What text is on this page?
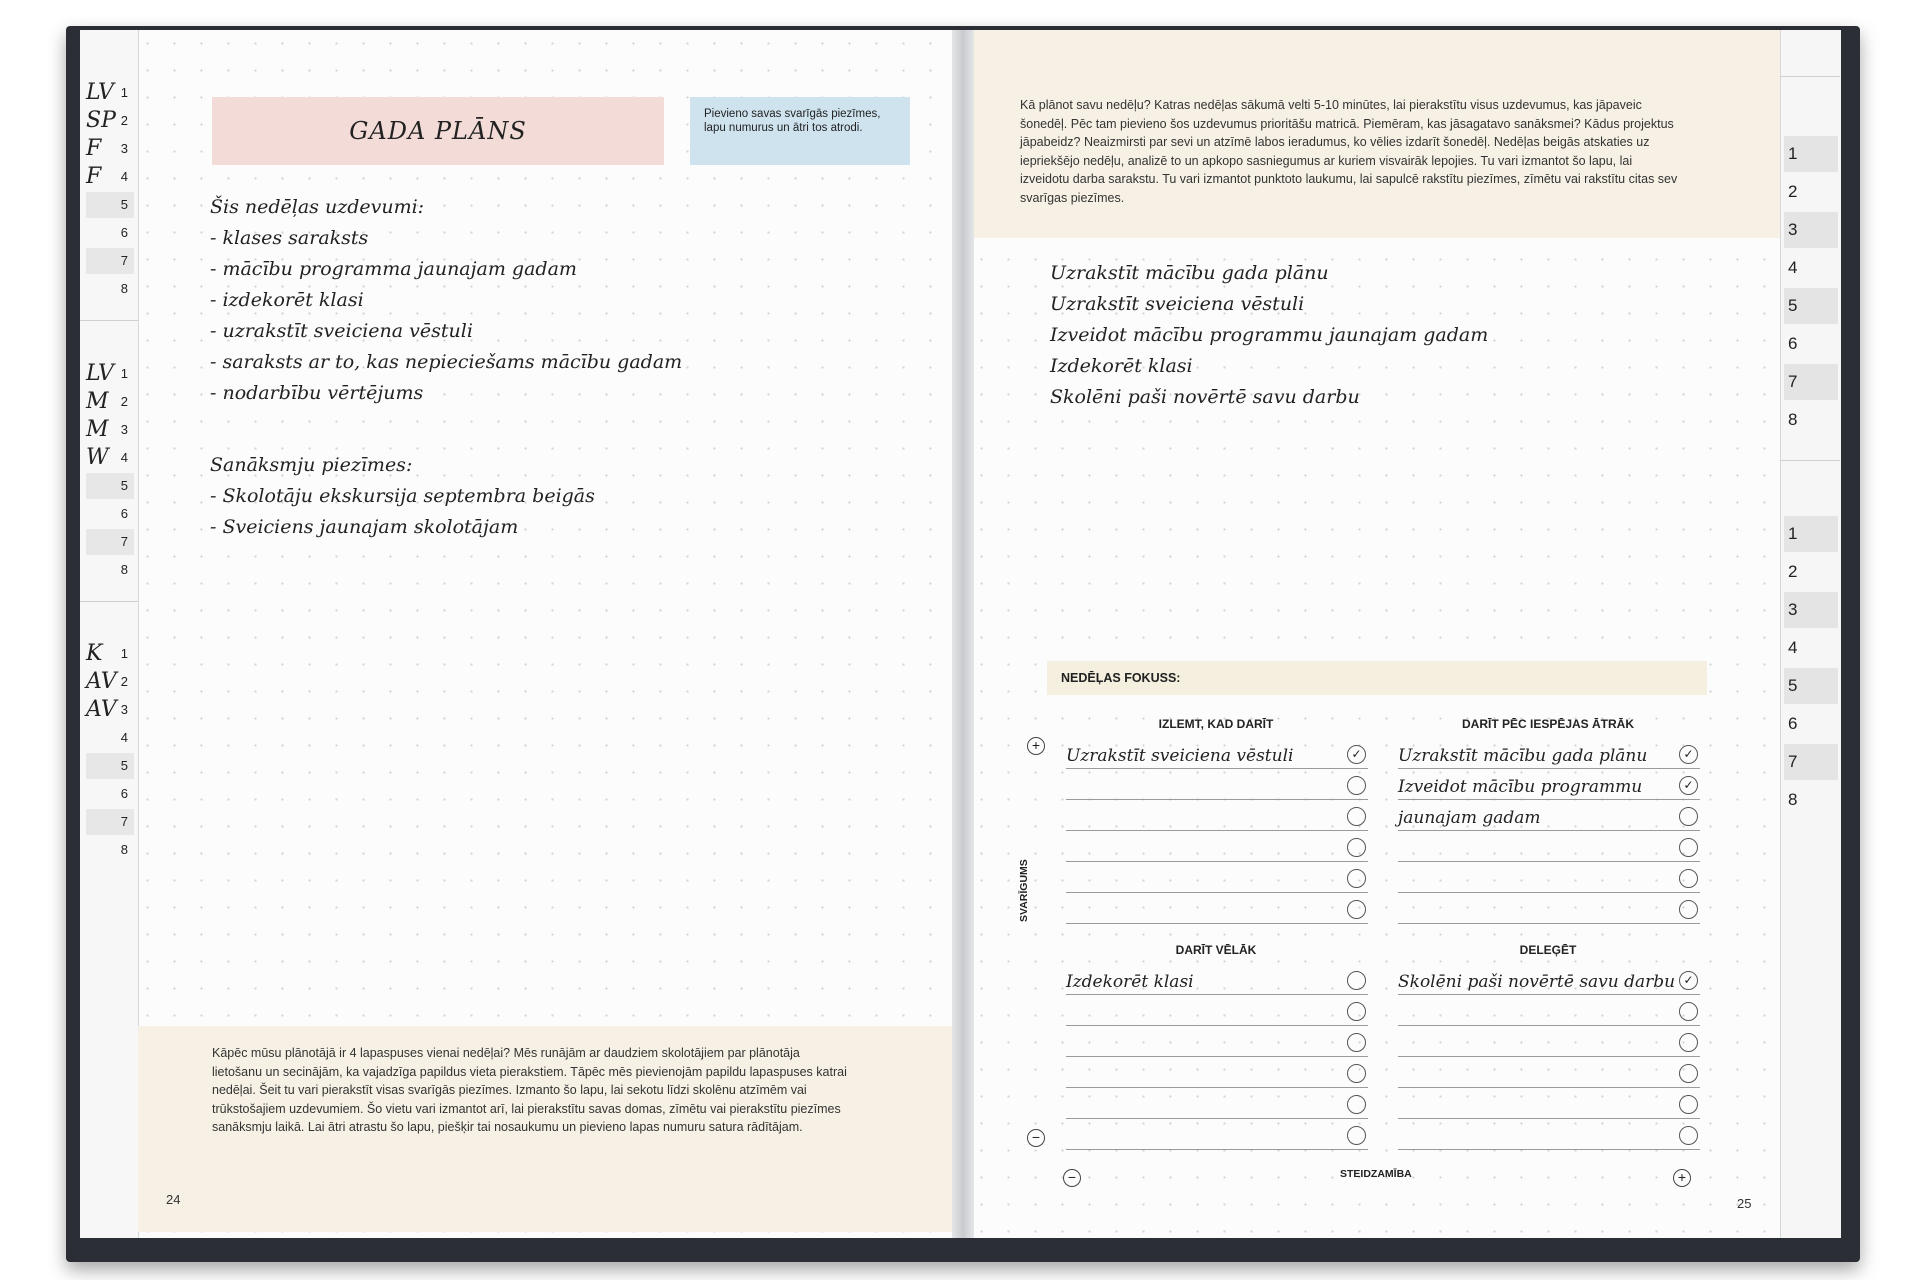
LV 1
SP 2
F 3
F 4
5
6
7
8
LV 1
M 2
M 3
W 4
5
6
7
8
K 1
AV 2
AV 3
4
5
6
7
8
1
2
3
4
5
6
7
8
1
2
3
4
5
6
7
8
GADA PLĀNS
Pievieno savas svarīgās piezīmes, lapu numurus un ātri tos atrodi.
Šis nedēļas uzdevumi:
- klases saraksts
- mācību programma jaunajam gadam
- izdekorēt klasi
- uzrakstīt sveiciena vēstuli
- saraksts ar to, kas nepieciešams mācību gadam
- nodarbību vērtējums
Sanāksmju piezīmes:
- Skolotāju ekskursija septembra beigās
- Sveiciens jaunajam skolotājam
Kāpēc mūsu plānotājā ir 4 lapaspuses vienai nedēļai? Mēs runājām ar daudziem skolotājiem par plānotāja lietošanu un secinājām, ka vajadzīga papildus vieta pierakstiem. Tāpēc mēs pievienojām papildu lapaspuses katrai nedēļai. Šeit tu vari pierakstīt visas svarīgās piezīmes. Izmanto šo lapu, lai sekotu līdzi skolēnu atzīmēm vai trūkstošajiem uzdevumiem. Šo vietu vari izmantot arī, lai pierakstītu savas domas, zīmētu vai pierakstītu piezīmes sanāksmju laikā. Lai ātri atrastu šo lapu, piešķir tai nosaukumu un pievieno lapas numuru satura rādītājam.
24
Kā plānot savu nedēļu? Katras nedēļas sākumā velti 5-10 minūtes, lai pierakstītu visus uzdevumus, kas jāpaveic šonedēļ. Pēc tam pievieno šos uzdevumus prioritāšu matricā. Piemēram, kas jāsagatavo sanāksmei? Kādus projektus jāpabeidz? Neaizmirsti par sevi un atzīmē labos ieradumus, ko vēlies izdarīt šonedēļ. Nedēļas beigās atskaties uz iepriekšējo nedēļu, analizē to un apkopo sasniegumus ar kuriem visvairāk lepojies. Tu vari izmantot šo lapu, lai izveidotu darba sarakstu. Tu vari izmantot punktoto laukumu, lai sapulcē rakstītu piezīmes, zīmētu vai rakstītu citas sev svarīgas piezīmes.
Uzrakstīt mācību gada plānu
Uzrakstīt sveiciena vēstuli
Izveidot mācību programmu jaunajam gadam
Izdekorēt klasi
Skolēni paši novērtē savu darbu
NEDĒĻAS FOKUSS:
IZLEMT, KAD DARĪT	DARĪT PĒC IESPĒJAS ĀTRĀK
DARĪT VĒLĀK	DELEĢĒT
Uzrakstīt sveiciena vēstuli	✓ Uzrakstīt mācību gada plānu	✓
Izveidot mācību programmu	✓
jaunajam gadam
Izdekorēt klasi	Skolēni paši novērtē savu darbu ✓
+
−
−	+
SVARĪGUMS
STEIDZAMĪBA
25
